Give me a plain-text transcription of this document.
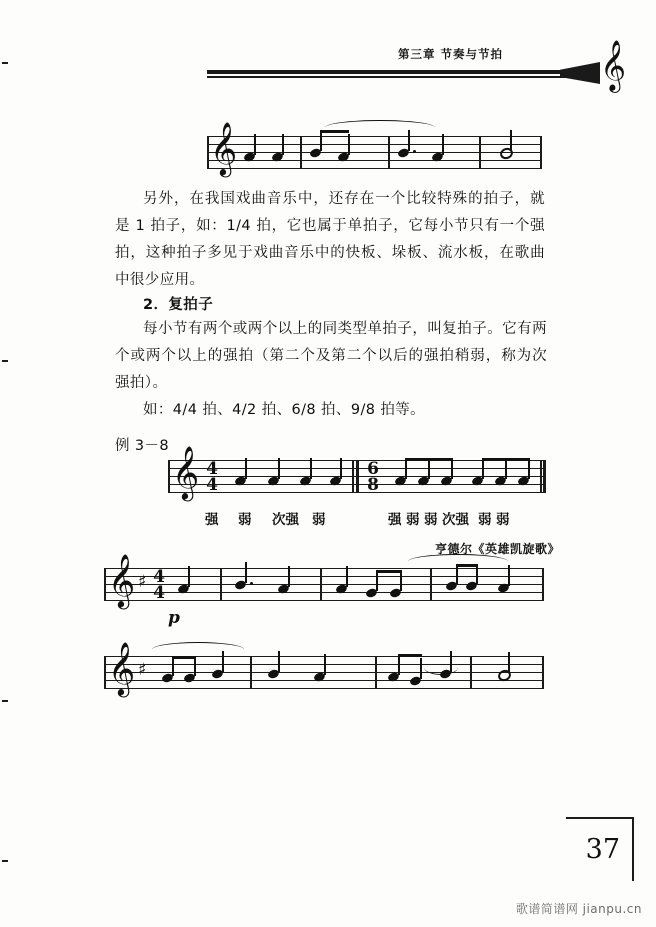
第三章 节奏与节拍 𝄞
𝄞
另外，在我国戏曲音乐中，还存在一个比较特殊的拍子，就是 1 拍子，如：1/4 拍，它也属于单拍子，它每小节只有一个强拍，这种拍子多见于戏曲音乐中的快板、垛板、流水板，在歌曲中很少应用。
2．复拍子
每小节有两个或两个以上的同类型单拍子，叫复拍子。它有两个或两个以上的强拍（第二个及第二个以后的强拍稍弱，称为次强拍）。
如：4/4 拍、4/2 拍、6/8 拍、9/8 拍等。
例 3－8 𝄞 4
4
6
8
强 弱 次强 弱	强 弱 弱 次强 弱 弱
亨德尔《英雄凯旋歌》
𝄞 ♯ 4
4
p
𝄞 ♯
37
歌谱简谱网 jianpu.cn
